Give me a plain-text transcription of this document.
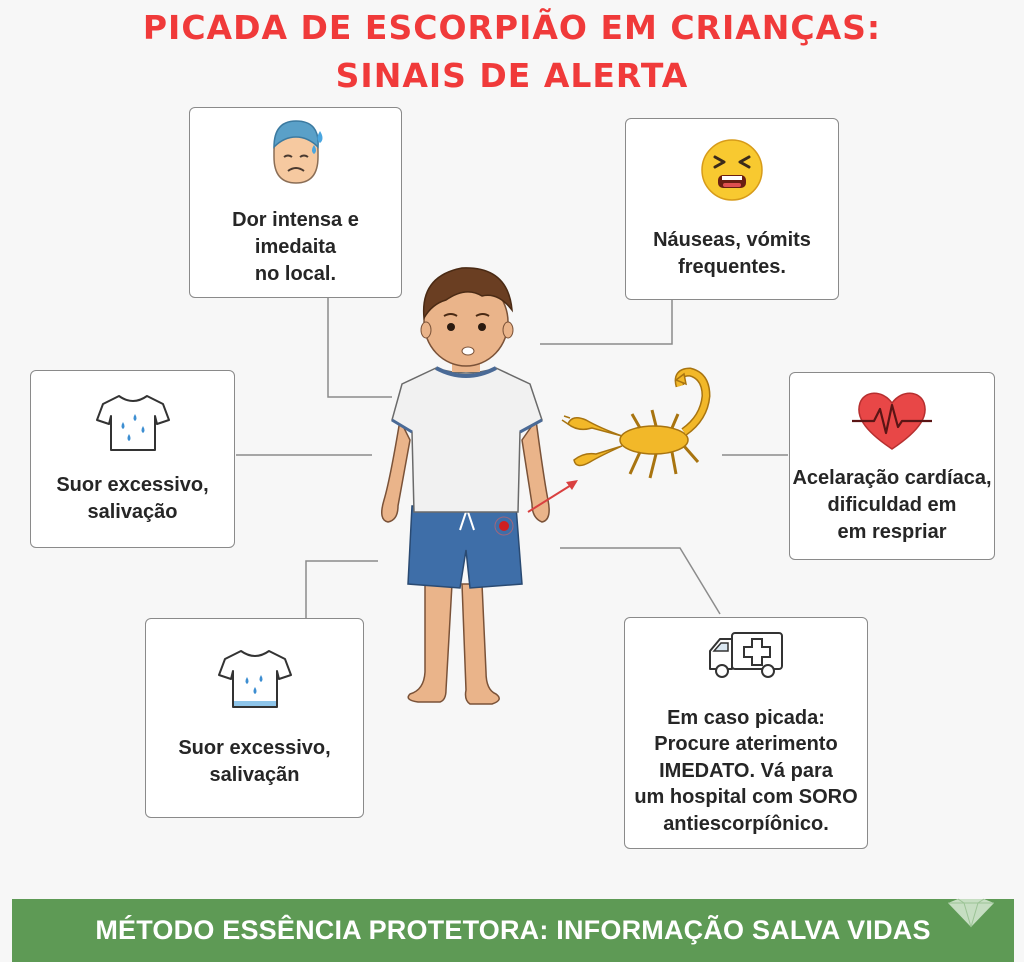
PICADA DE ESCORPIÃO EM CRIANÇAS:
SINAIS DE ALERTA
Dor intensa e
imedaita
no local.
Náuseas, vómits
frequentes.
Suor excessivo,
salivação
Acelaração cardíaca,
dificuldad em
em respriar
Suor excessivo,
salivaçãn
Em caso picada:
Procure aterimento
IMEDATO. Vá para
um hospital com SORO
antiescorpíônico.
MÉTODO ESSÊNCIA PROTETORA: INFORMAÇÃO SALVA VIDAS
